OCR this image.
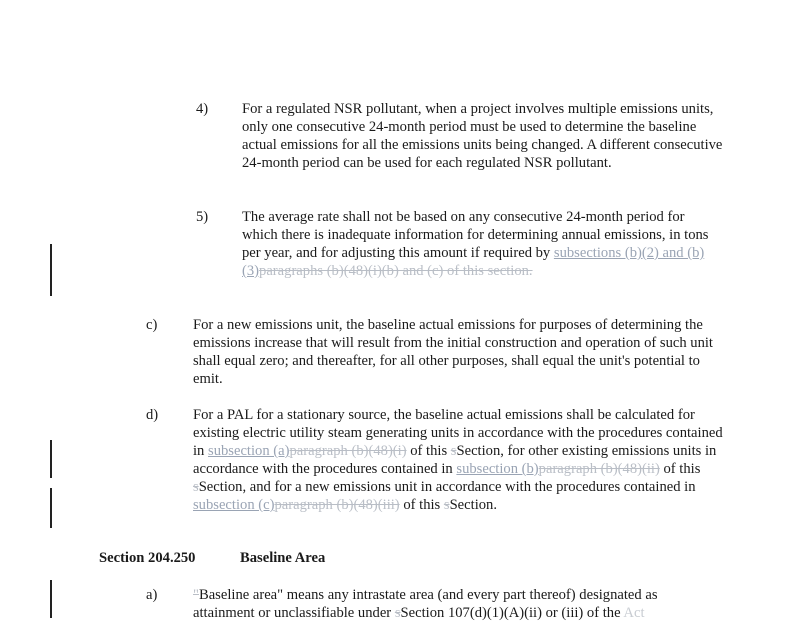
4) For a regulated NSR pollutant, when a project involves multiple emissions units, only one consecutive 24-month period must be used to determine the baseline actual emissions for all the emissions units being changed. A different consecutive 24-month period can be used for each regulated NSR pollutant.
5) The average rate shall not be based on any consecutive 24-month period for which there is inadequate information for determining annual emissions, in tons per year, and for adjusting this amount if required by subsections (b)(2) and (b)(3)paragraphs (b)(48)(i)(b) and (c) of this section.
c) For a new emissions unit, the baseline actual emissions for purposes of determining the emissions increase that will result from the initial construction and operation of such unit shall equal zero; and thereafter, for all other purposes, shall equal the unit's potential to emit.
d) For a PAL for a stationary source, the baseline actual emissions shall be calculated for existing electric utility steam generating units in accordance with the procedures contained in subsection (a)paragraph (b)(48)(i) of this sSection, for other existing emissions units in accordance with the procedures contained in subsection (b)paragraph (b)(48)(ii) of this sSection, and for a new emissions unit in accordance with the procedures contained in subsection (c)paragraph (b)(48)(iii) of this sSection.
Section 204.250	Baseline Area
a) "Baseline area" means any intrastate area (and every part thereof) designated as attainment or unclassifiable under sSection 107(d)(1)(A)(ii) or (iii) of the Act
